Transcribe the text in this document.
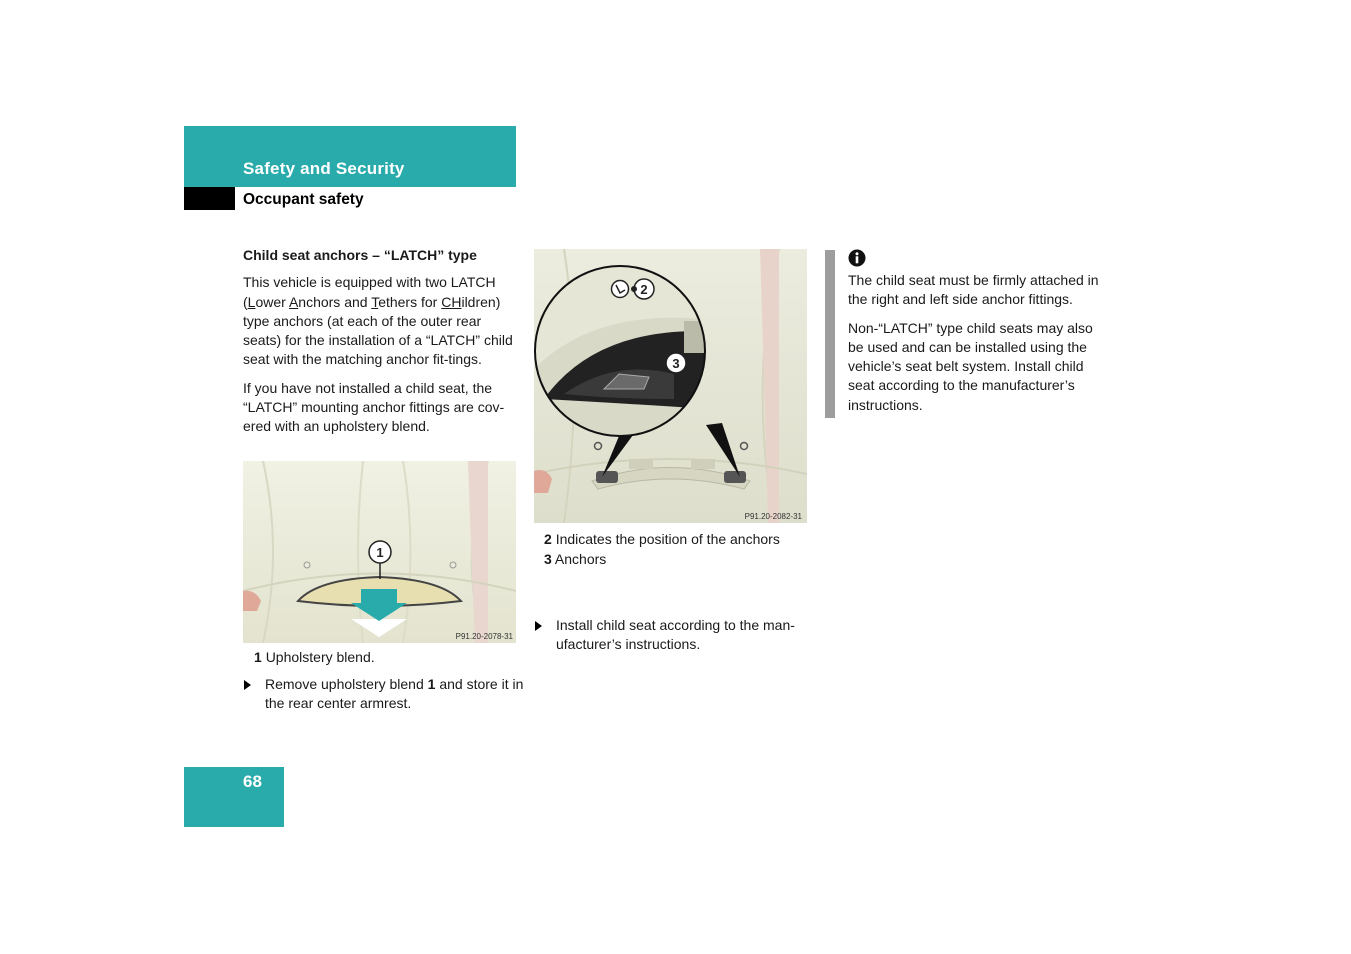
Safety and Security
Occupant safety
Child seat anchors – “LATCH” type

This vehicle is equipped with two LATCH (Lower Anchors and Tethers for CHildren) type anchors (at each of the outer rear seats) for the installation of a “LATCH” child seat with the matching anchor fit-tings.

If you have not installed a child seat, the “LATCH” mounting anchor fittings are cov-ered with an upholstery blend.

1
P91.20-2078-31
1 Upholstery blend.
Remove upholstery blend 1 and store it in the rear center armrest.
2
3
P91.20-2082-31
2 Indicates the position of the anchors
3 Anchors
Install child seat according to the man-ufacturer’s instructions.

The child seat must be firmly attached in the right and left side anchor fittings.

Non-“LATCH” type child seats may also be used and can be installed using the vehicle’s seat belt system. Install child seat according to the manufacturer’s instructions.

68
